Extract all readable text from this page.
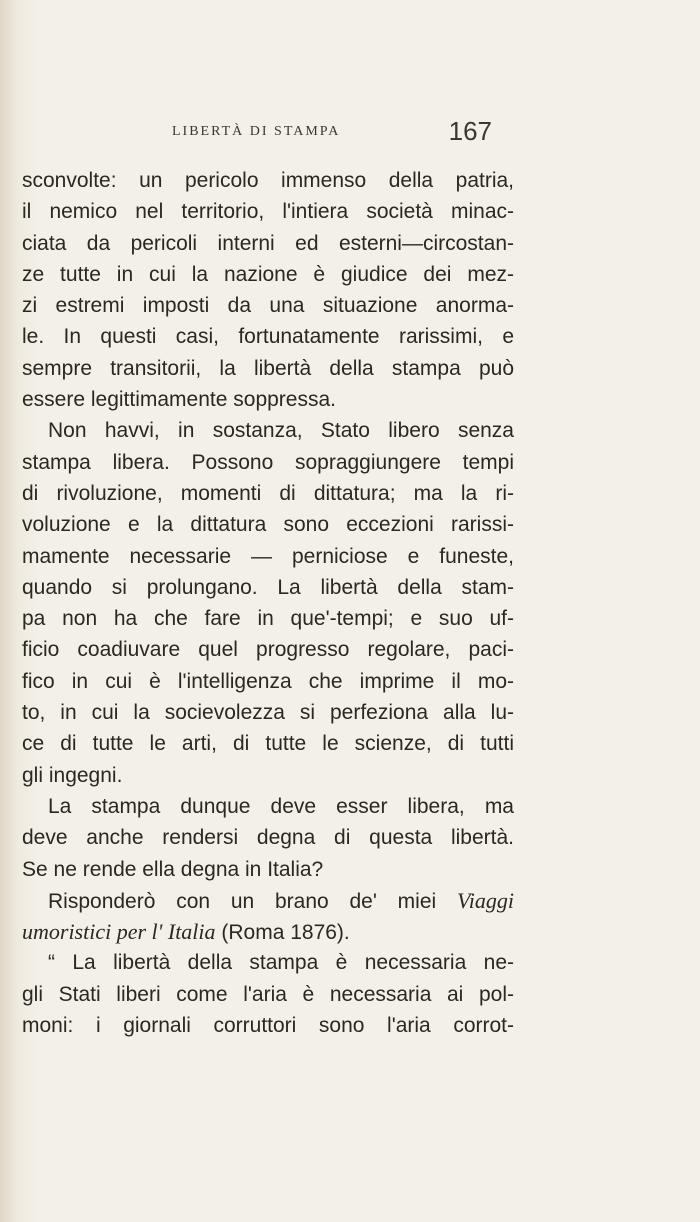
LIBERTÀ DI STAMPA	167
sconvolte: un pericolo immenso della patria,
il nemico nel territorio, l'intiera società minac-
ciata da pericoli interni ed esterni—circostan-
ze tutte in cui la nazione è giudice dei mez-
zi estremi imposti da una situazione anorma-
le. In questi casi, fortunatamente rarissimi, e
sempre transitorii, la libertà della stampa può
essere legittimamente soppressa.
Non havvi, in sostanza, Stato libero senza
stampa libera. Possono sopraggiungere tempi
di rivoluzione, momenti di dittatura; ma la ri-
voluzione e la dittatura sono eccezioni rarissi-
mamente necessarie — perniciose e funeste,
quando si prolungano. La libertà della stam-
pa non ha che fare in que'-tempi; e suo uf-
ficio coadiuvare quel progresso regolare, paci-
fico in cui è l'intelligenza che imprime il mo-
to, in cui la socievolezza si perfeziona alla lu-
ce di tutte le arti, di tutte le scienze, di tutti
gli ingegni.
La stampa dunque deve esser libera, ma
deve anche rendersi degna di questa libertà.
Se ne rende ella degna in Italia?
Risponderò con un brano de' miei Viaggi
umoristici per l' Italia (Roma 1876).
“ La libertà della stampa è necessaria ne-
gli Stati liberi come l'aria è necessaria ai pol-
moni: i giornali corruttori sono l'aria corrot-
